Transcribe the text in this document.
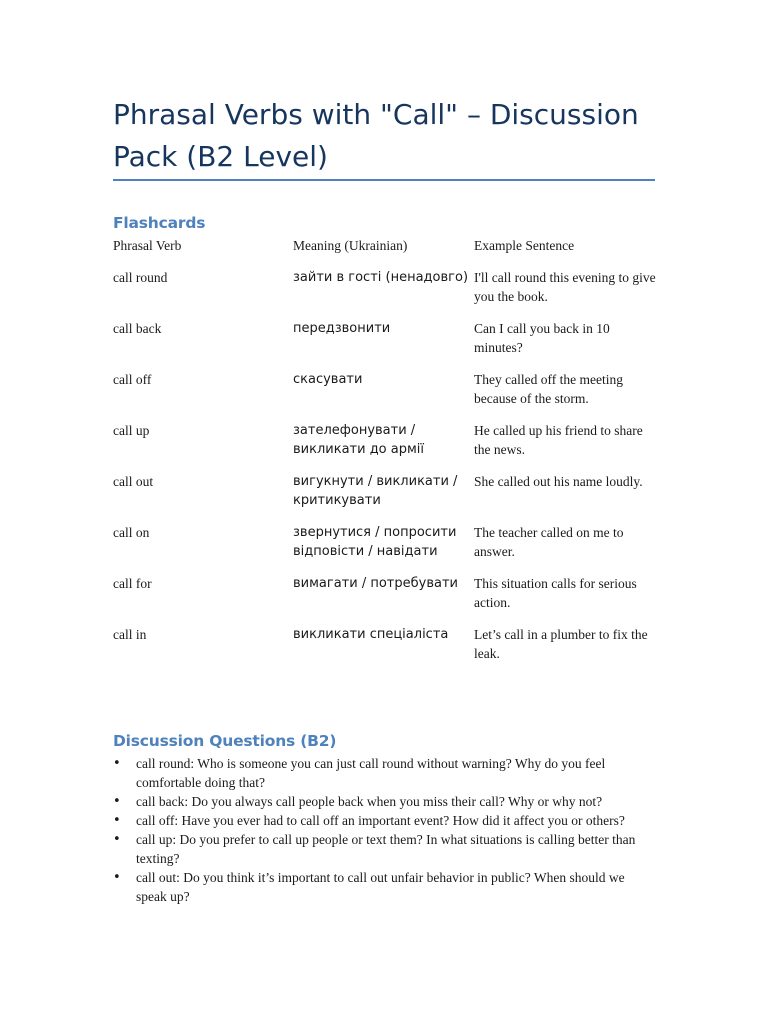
Phrasal Verbs with "Call" – Discussion Pack (B2 Level)
Flashcards
Phrasal Verb	Meaning (Ukrainian)	Example Sentence
call round	зайти в гості (ненадовго)	I'll call round this evening to give you the book.
call back	передзвонити	Can I call you back in 10 minutes?
call off	скасувати	They called off the meeting because of the storm.
call up	зателефонувати / викликати до армії	He called up his friend to share the news.
call out	вигукнути / викликати / критикувати	She called out his name loudly.
call on	звернутися / попросити відповісти / навідати	The teacher called on me to answer.
call for	вимагати / потребувати	This situation calls for serious action.
call in	викликати спеціаліста	Let’s call in a plumber to fix the leak.
Discussion Questions (B2)
• call round: Who is someone you can just call round without warning? Why do you feel comfortable doing that?
• call back: Do you always call people back when you miss their call? Why or why not?
• call off: Have you ever had to call off an important event? How did it affect you or others?
• call up: Do you prefer to call up people or text them? In what situations is calling better than texting?
• call out: Do you think it’s important to call out unfair behavior in public? When should we speak up?
